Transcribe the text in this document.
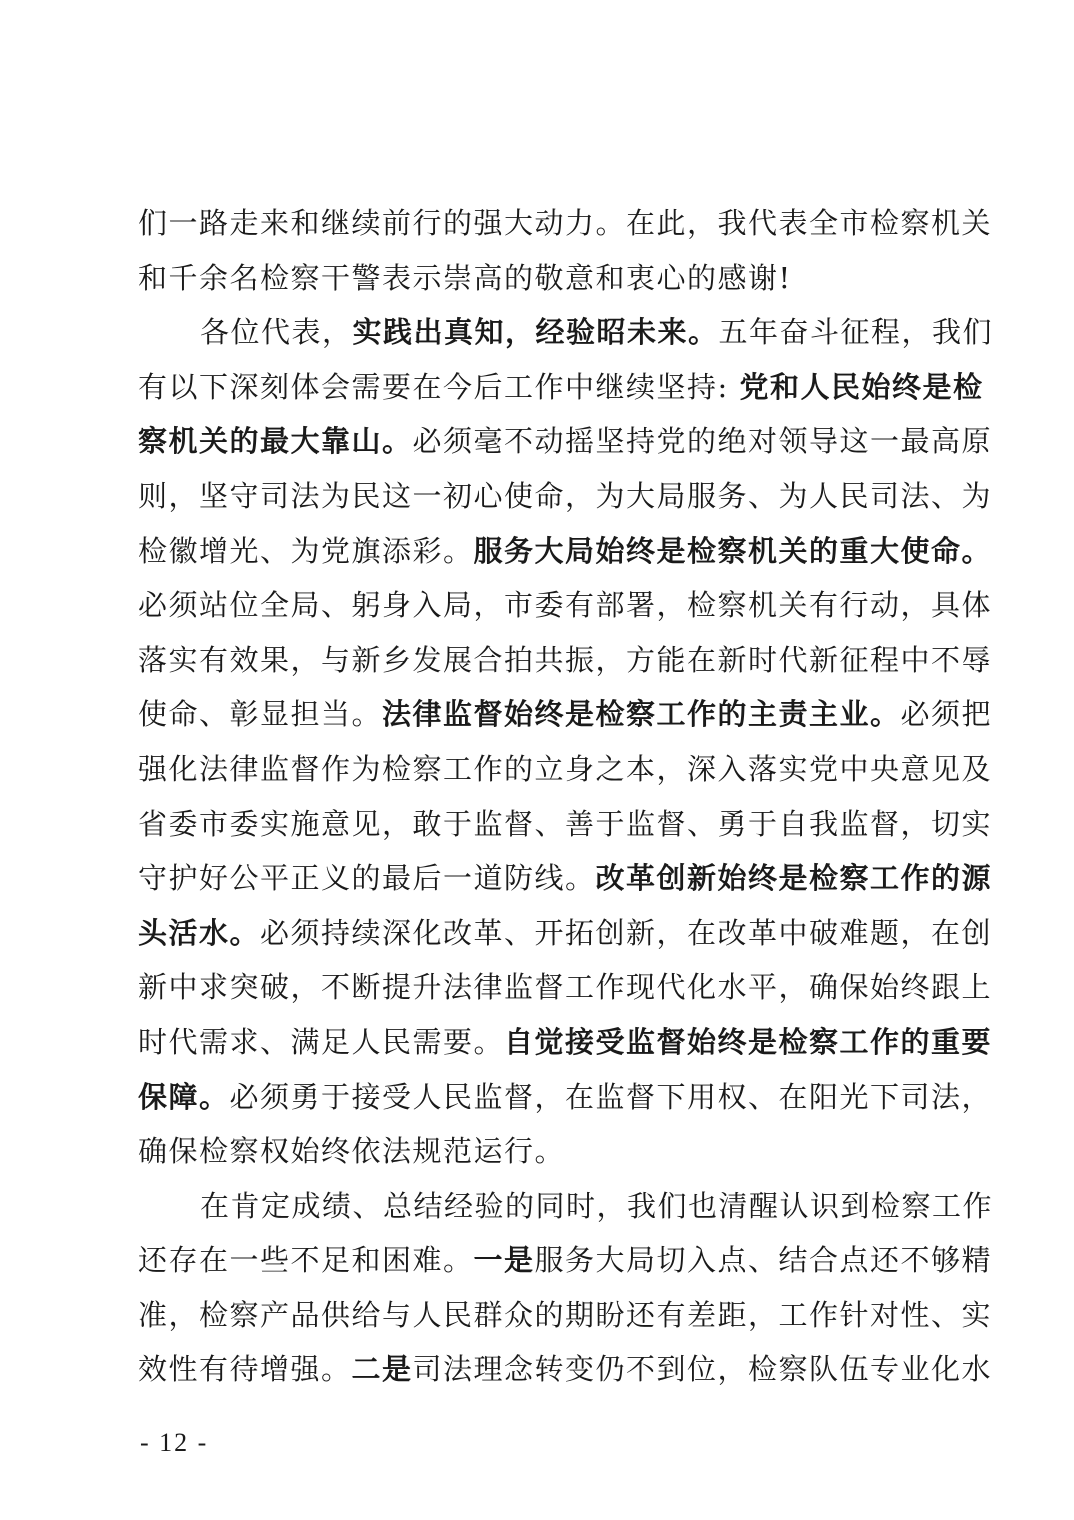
们一路走来和继续前行的强大动力。在此，我代表全市检察机关
和千余名检察干警表示崇高的敬意和衷心的感谢!
各位代表，实践出真知，经验昭未来。五年奋斗征程，我们
有以下深刻体会需要在今后工作中继续坚持: 党和人民始终是检
察机关的最大靠山。必须毫不动摇坚持党的绝对领导这一最高原
则，坚守司法为民这一初心使命，为大局服务、为人民司法、为
检徽增光、为党旗添彩。服务大局始终是检察机关的重大使命。
必须站位全局、躬身入局，市委有部署，检察机关有行动，具体
落实有效果，与新乡发展合拍共振，方能在新时代新征程中不辱
使命、彰显担当。法律监督始终是检察工作的主责主业。必须把
强化法律监督作为检察工作的立身之本，深入落实党中央意见及
省委市委实施意见，敢于监督、善于监督、勇于自我监督，切实
守护好公平正义的最后一道防线。改革创新始终是检察工作的源
头活水。必须持续深化改革、开拓创新，在改革中破难题，在创
新中求突破，不断提升法律监督工作现代化水平，确保始终跟上
时代需求、满足人民需要。自觉接受监督始终是检察工作的重要
保障。必须勇于接受人民监督，在监督下用权、在阳光下司法，
确保检察权始终依法规范运行。
在肯定成绩、总结经验的同时，我们也清醒认识到检察工作
还存在一些不足和困难。一是服务大局切入点、结合点还不够精
准，检察产品供给与人民群众的期盼还有差距，工作针对性、实
效性有待增强。二是司法理念转变仍不到位，检察队伍专业化水
- 12 -
